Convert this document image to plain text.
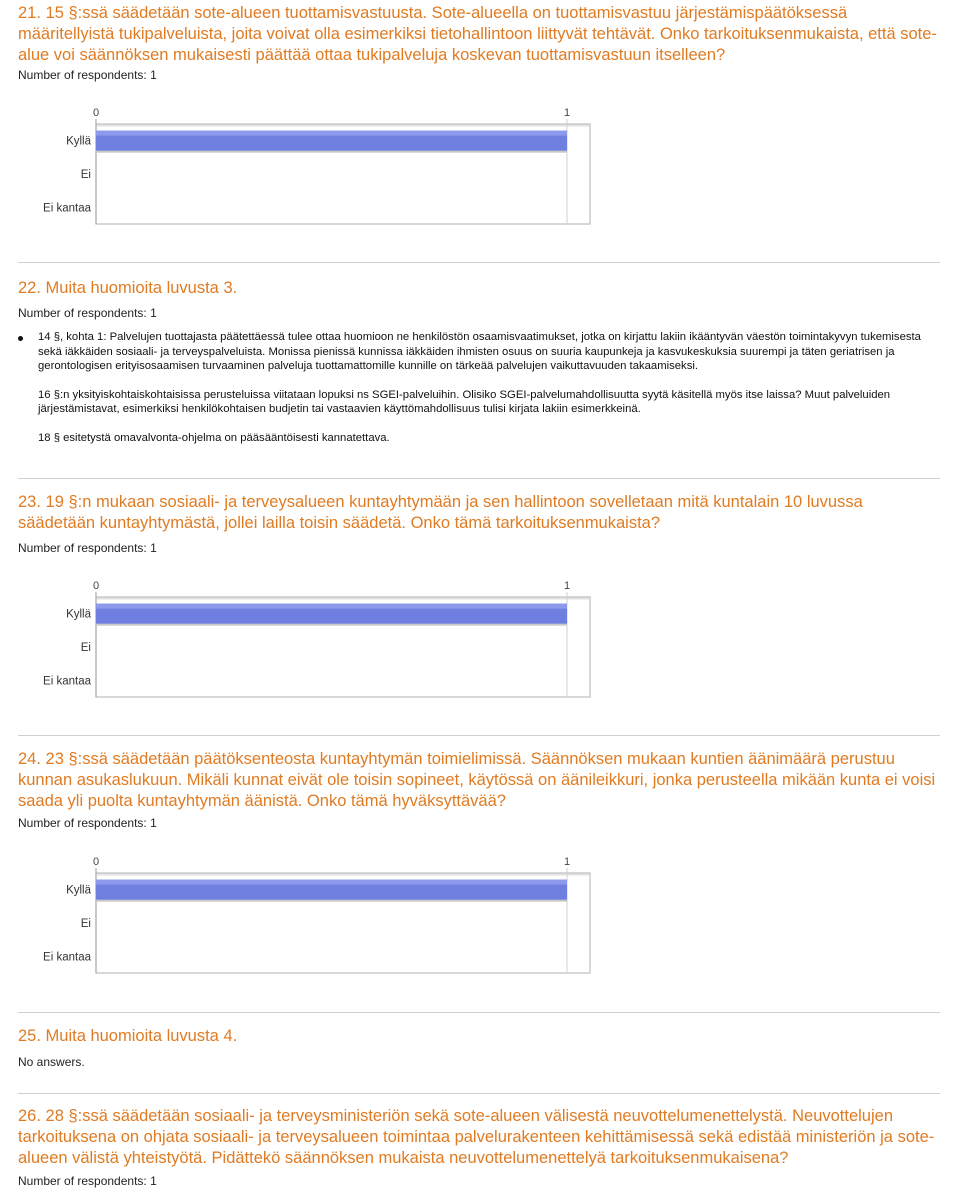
21. 15 §:ssä säädetään sote-alueen tuottamisvastuusta. Sote-alueella on tuottamisvastuu järjestämispäätöksessä määritellyistä tukipalveluista, joita voivat olla esimerkiksi tietohallintoon liittyvät tehtävät. Onko tarkoituksenmukaista, että sote-alue voi säännöksen mukaisesti päättää ottaa tukipalveluja koskevan tuottamisvastuun itselleen?
Number of respondents: 1
0	1
Kyllä
Ei
Ei kantaa
22. Muita huomioita luvusta 3.
Number of respondents: 1
14 §, kohta 1: Palvelujen tuottajasta päätettäessä tulee ottaa huomioon ne henkilöstön osaamisvaatimukset, jotka on kirjattu lakiin ikääntyvän väestön toimintakyvyn tukemisesta sekä iäkkäiden sosiaali- ja terveyspalveluista. Monissa pienissä kunnissa iäkkäiden ihmisten osuus on suuria kaupunkeja ja kasvukeskuksia suurempi ja täten geriatrisen ja gerontologisen erityisosaamisen turvaaminen palveluja tuottamattomille kunnille on tärkeää palvelujen vaikuttavuuden takaamiseksi.
16 §:n yksityiskohtaiskohtaisissa perusteluissa viitataan lopuksi ns SGEI-palveluihin. Olisiko SGEI-palvelumahdollisuutta syytä käsitellä myös itse laissa? Muut palveluiden järjestämistavat, esimerkiksi henkilökohtaisen budjetin tai vastaavien käyttömahdollisuus tulisi kirjata lakiin esimerkkeinä.
18 § esitetystä omavalvonta-ohjelma on pääsääntöisesti kannatettava.
23. 19 §:n mukaan sosiaali- ja terveysalueen kuntayhtymään ja sen hallintoon sovelletaan mitä kuntalain 10 luvussa säädetään kuntayhtymästä, jollei lailla toisin säädetä. Onko tämä tarkoituksenmukaista?
Number of respondents: 1
0	1
Kyllä
Ei
Ei kantaa
24. 23 §:ssä säädetään päätöksenteosta kuntayhtymän toimielimissä. Säännöksen mukaan kuntien äänimäärä perustuu kunnan asukaslukuun. Mikäli kunnat eivät ole toisin sopineet, käytössä on äänileikkuri, jonka perusteella mikään kunta ei voisi saada yli puolta kuntayhtymän äänistä. Onko tämä hyväksyttävää?
Number of respondents: 1
0	1
Kyllä
Ei
Ei kantaa
25. Muita huomioita luvusta 4.
No answers.
26. 28 §:ssä säädetään sosiaali- ja terveysministeriön sekä sote-alueen välisestä neuvottelumenettelystä. Neuvottelujen tarkoituksena on ohjata sosiaali- ja terveysalueen toimintaa palvelurakenteen kehittämisessä sekä edistää ministeriön ja sote-alueen välistä yhteistyötä. Pidättekö säännöksen mukaista neuvottelumenettelyä tarkoituksenmukaisena?
Number of respondents: 1
